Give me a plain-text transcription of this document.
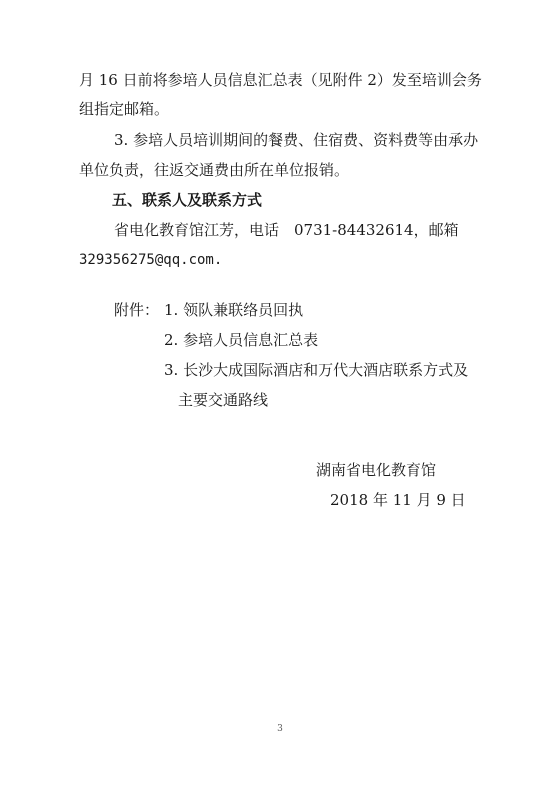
月 16 日前将参培人员信息汇总表（见附件 2）发至培训会务
组指定邮箱。
3. 参培人员培训期间的餐费、住宿费、资料费等由承办
单位负责，往返交通费由所在单位报销。
五、联系人及联系方式
省电化教育馆江芳，电话　0731-84432614，邮箱
329356275@qq.com.
附件： 1. 领队兼联络员回执
2. 参培人员信息汇总表
3. 长沙大成国际酒店和万代大酒店联系方式及
主要交通路线
湖南省电化教育馆
2018 年 11 月 9 日
3
